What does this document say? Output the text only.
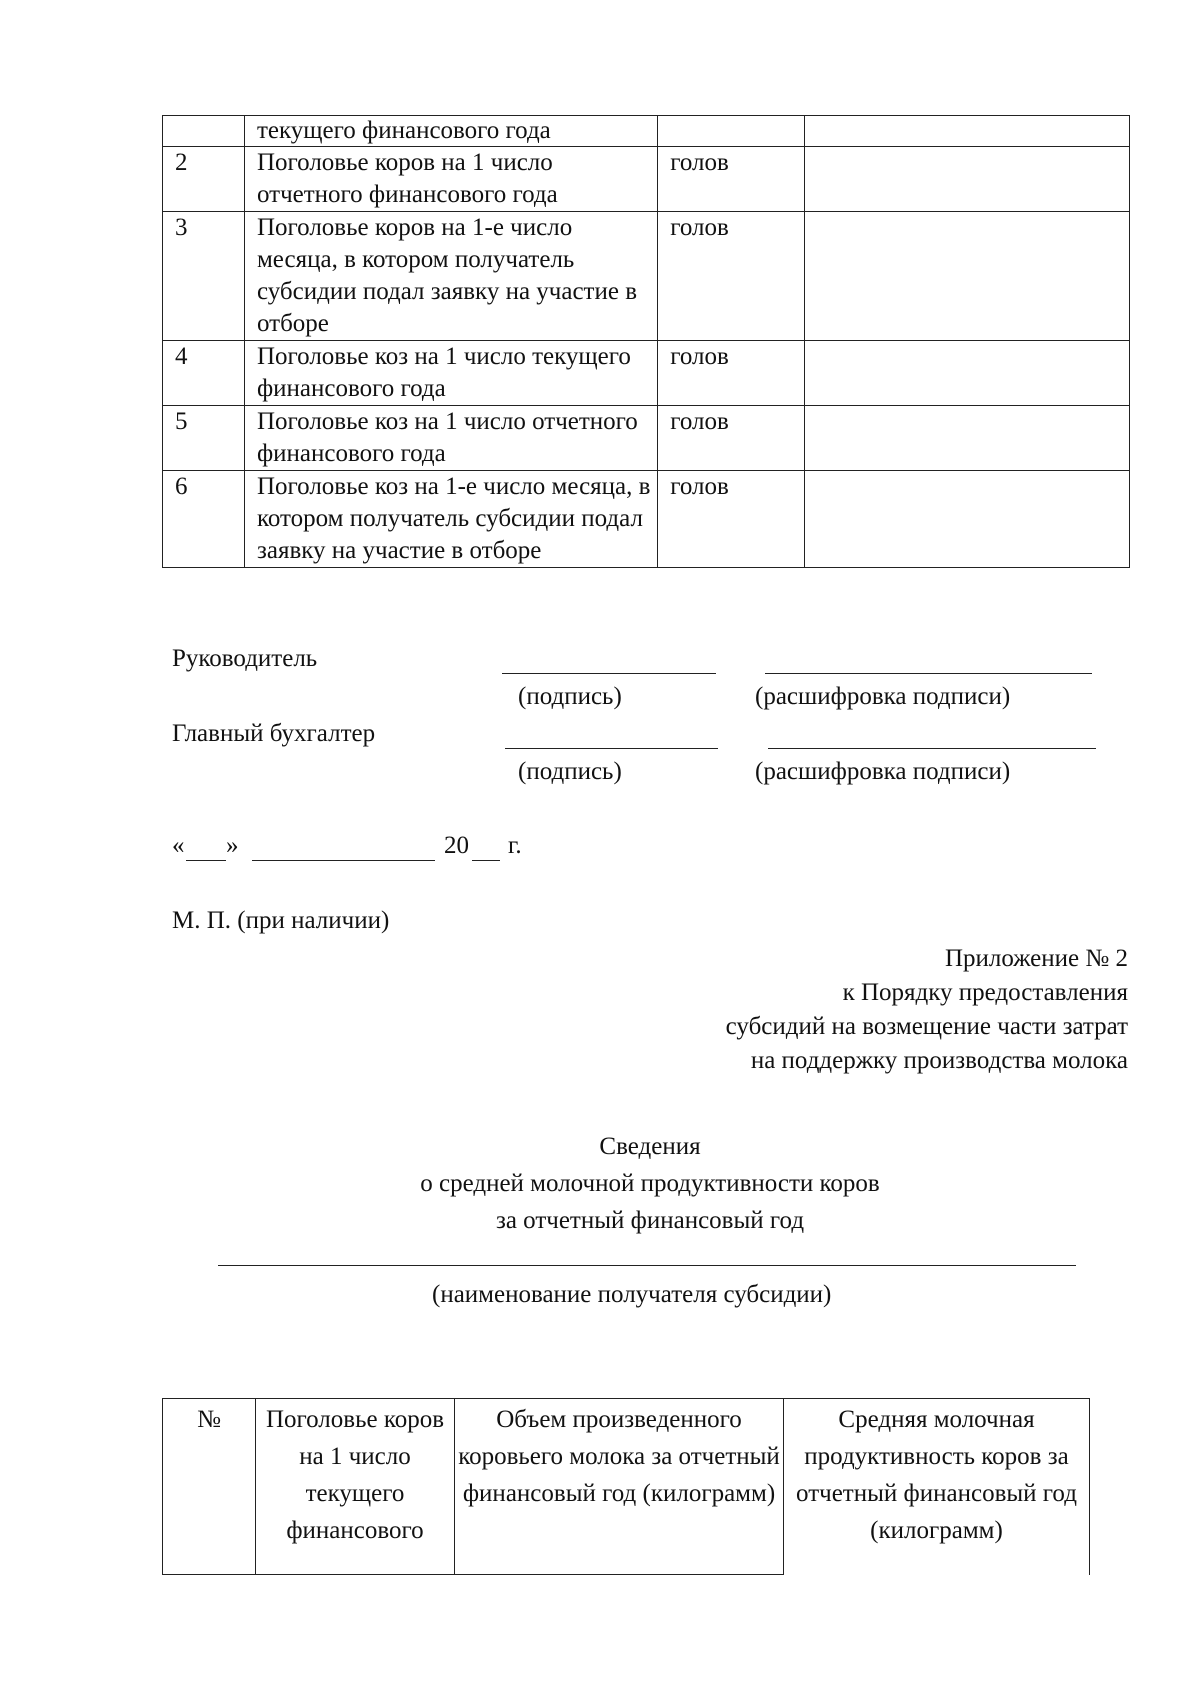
	текущего финансового года		
2	Поголовье коров на 1 число отчетного финансового года	голов	
3	Поголовье коров на 1-е число месяца, в котором получатель субсидии подал заявку на участие в отборе	голов	
4	Поголовье коз на 1 число текущего финансового года	голов	
5	Поголовье коз на 1 число отчетного финансового года	голов	
6	Поголовье коз на 1-е число месяца, в котором получатель субсидии подал заявку на участие в отборе	голов	
Руководитель
(подпись)	(расшифровка подписи)
Главный бухгалтер
(подпись)	(расшифровка подписи)
« »	20 г.
М. П. (при наличии)
Приложение № 2
к Порядку предоставления
субсидий на возмещение части затрат
на поддержку производства молока
Сведения
о средней молочной продуктивности коров
за отчетный финансовый год
(наименование получателя субсидии)
№	Поголовье коров на 1 число текущего финансового	Объем произведенного коровьего молока за отчетный финансовый год (килограмм)	Средняя молочная продуктивность коров за отчетный финансовый год (килограмм)
